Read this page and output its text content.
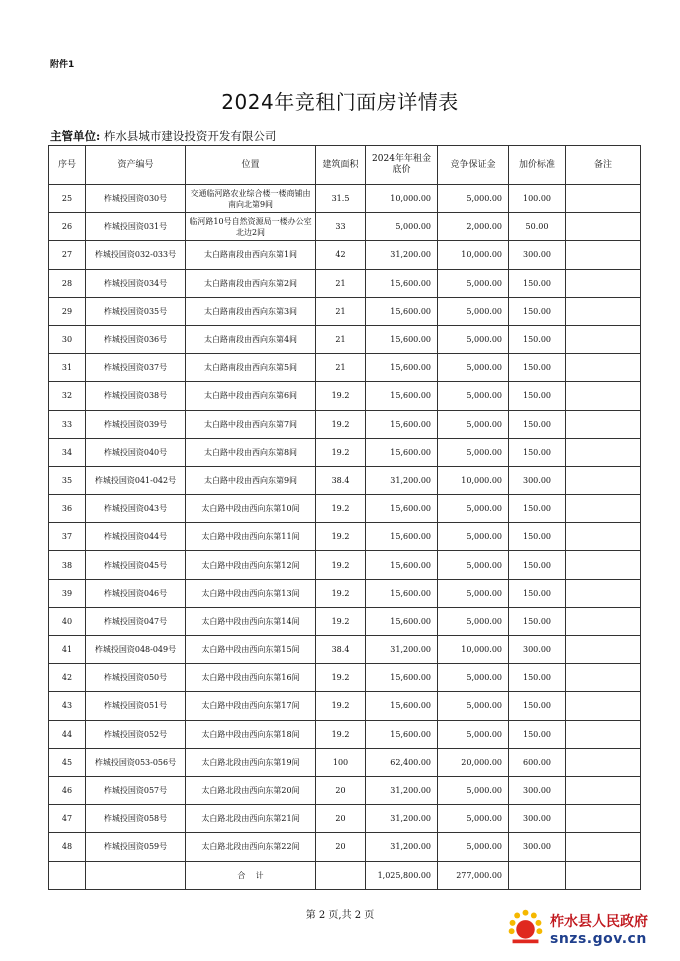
附件1
2024年竞租门面房详情表
主管单位: 柞水县城市建设投资开发有限公司
序号	资产编号	位置	建筑面积	2024年年租金底价	竞争保证金	加价标准	备注
25	柞城投国资030号	交通临河路农业综合楼一楼商铺由南向北第9间	31.5	10,000.00	5,000.00	100.00	
26	柞城投国资031号	临河路10号自然资源局一楼办公室北边2间	33	5,000.00	2,000.00	50.00	
27	柞城投国资032-033号	太白路南段由西向东第1间	42	31,200.00	10,000.00	300.00	
28	柞城投国资034号	太白路南段由西向东第2间	21	15,600.00	5,000.00	150.00	
29	柞城投国资035号	太白路南段由西向东第3间	21	15,600.00	5,000.00	150.00	
30	柞城投国资036号	太白路南段由西向东第4间	21	15,600.00	5,000.00	150.00	
31	柞城投国资037号	太白路南段由西向东第5间	21	15,600.00	5,000.00	150.00	
32	柞城投国资038号	太白路中段由西向东第6间	19.2	15,600.00	5,000.00	150.00	
33	柞城投国资039号	太白路中段由西向东第7间	19.2	15,600.00	5,000.00	150.00	
34	柞城投国资040号	太白路中段由西向东第8间	19.2	15,600.00	5,000.00	150.00	
35	柞城投国资041-042号	太白路中段由西向东第9间	38.4	31,200.00	10,000.00	300.00	
36	柞城投国资043号	太白路中段由西向东第10间	19.2	15,600.00	5,000.00	150.00	
37	柞城投国资044号	太白路中段由西向东第11间	19.2	15,600.00	5,000.00	150.00	
38	柞城投国资045号	太白路中段由西向东第12间	19.2	15,600.00	5,000.00	150.00	
39	柞城投国资046号	太白路中段由西向东第13间	19.2	15,600.00	5,000.00	150.00	
40	柞城投国资047号	太白路中段由西向东第14间	19.2	15,600.00	5,000.00	150.00	
41	柞城投国资048-049号	太白路中段由西向东第15间	38.4	31,200.00	10,000.00	300.00	
42	柞城投国资050号	太白路中段由西向东第16间	19.2	15,600.00	5,000.00	150.00	
43	柞城投国资051号	太白路中段由西向东第17间	19.2	15,600.00	5,000.00	150.00	
44	柞城投国资052号	太白路中段由西向东第18间	19.2	15,600.00	5,000.00	150.00	
45	柞城投国资053-056号	太白路北段由西向东第19间	100	62,400.00	20,000.00	600.00	
46	柞城投国资057号	太白路北段由西向东第20间	20	31,200.00	5,000.00	300.00	
47	柞城投国资058号	太白路北段由西向东第21间	20	31,200.00	5,000.00	300.00	
48	柞城投国资059号	太白路北段由西向东第22间	20	31,200.00	5,000.00	300.00	
		合    计		1,025,800.00	277,000.00		
第 2 页,共 2 页	柞水县人民政府
snzs.gov.cn
